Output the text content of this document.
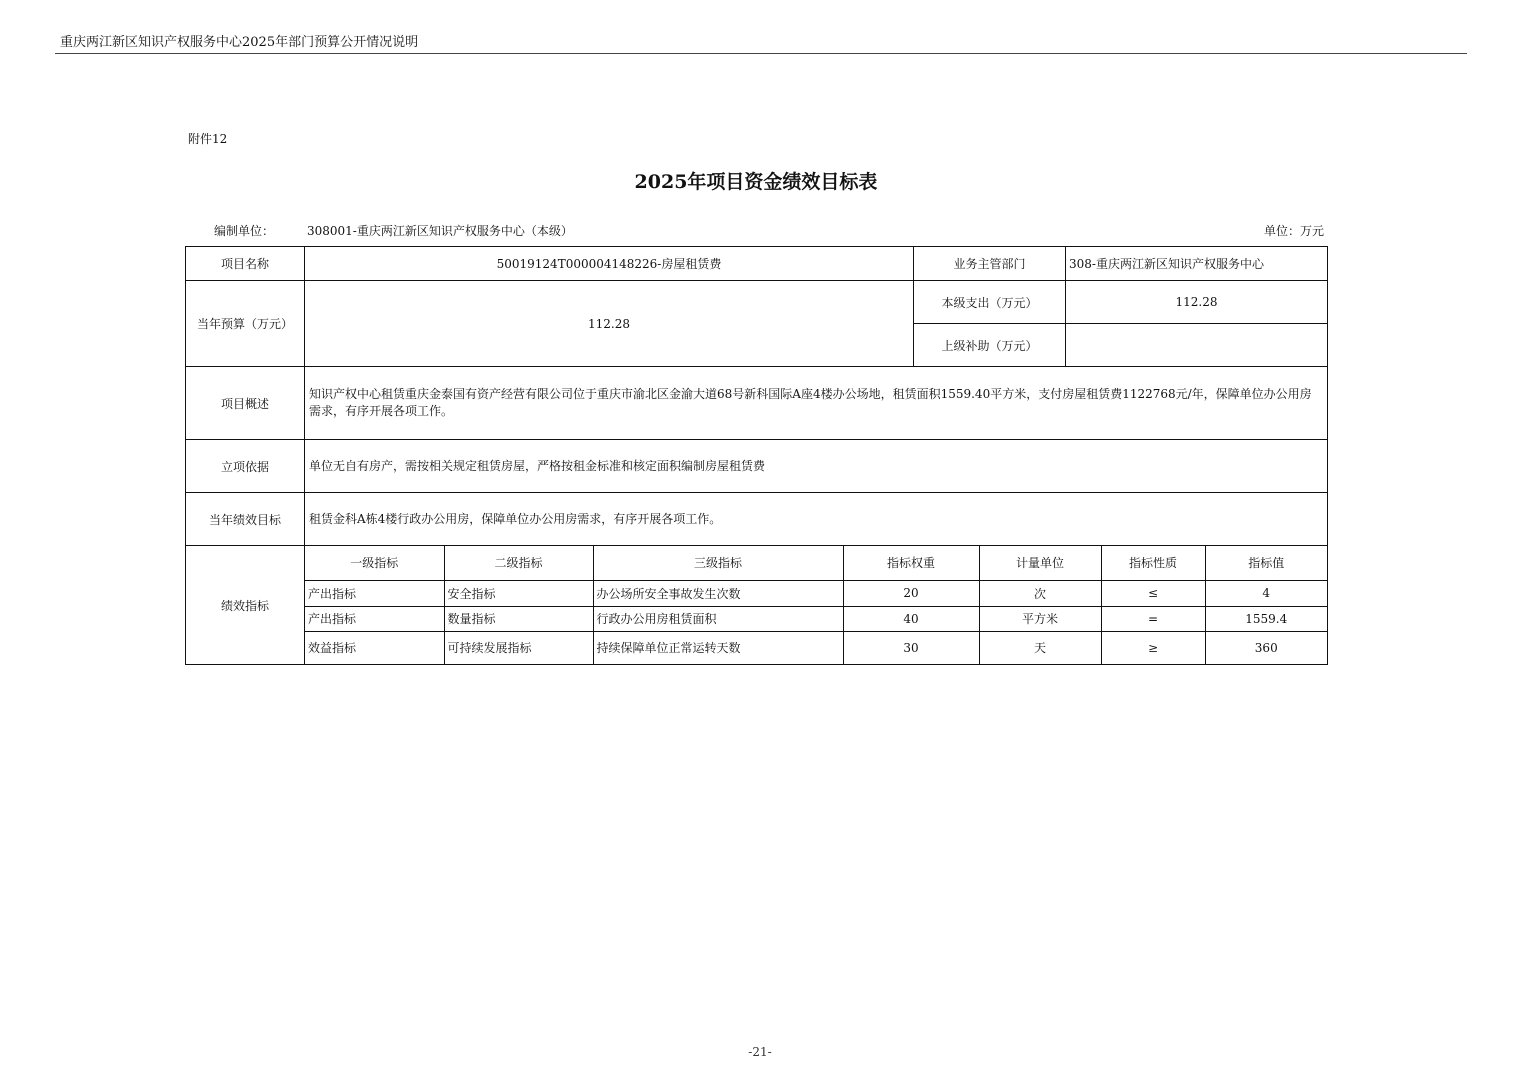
重庆两江新区知识产权服务中心2025年部门预算公开情况说明
附件12
2025年项目资金绩效目标表
编制单位：	308001-重庆两江新区知识产权服务中心（本级）	单位：万元
项目名称	50019124T000004148226-房屋租赁费	业务主管部门	308-重庆两江新区知识产权服务中心
当年预算（万元）	112.28	本级支出（万元）	112.28
上级补助（万元）	
项目概述	知识产权中心租赁重庆金泰国有资产经营有限公司位于重庆市渝北区金渝大道68号新科国际A座4楼办公场地，租赁面积1559.40平方米，支付房屋租赁费1122768元/年，保障单位办公用房需求，有序开展各项工作。
立项依据	单位无自有房产，需按相关规定租赁房屋，严格按租金标准和核定面积编制房屋租赁费
当年绩效目标	租赁金科A栋4楼行政办公用房，保障单位办公用房需求，有序开展各项工作。
绩效指标	
一级指标	二级指标	三级指标	指标权重	计量单位	指标性质	指标值
产出指标	安全指标	办公场所安全事故发生次数	20	次	≤	4
产出指标	数量指标	行政办公用房租赁面积	40	平方米	=	1559.4
效益指标	可持续发展指标	持续保障单位正常运转天数	30	天	≥	360
-21-
